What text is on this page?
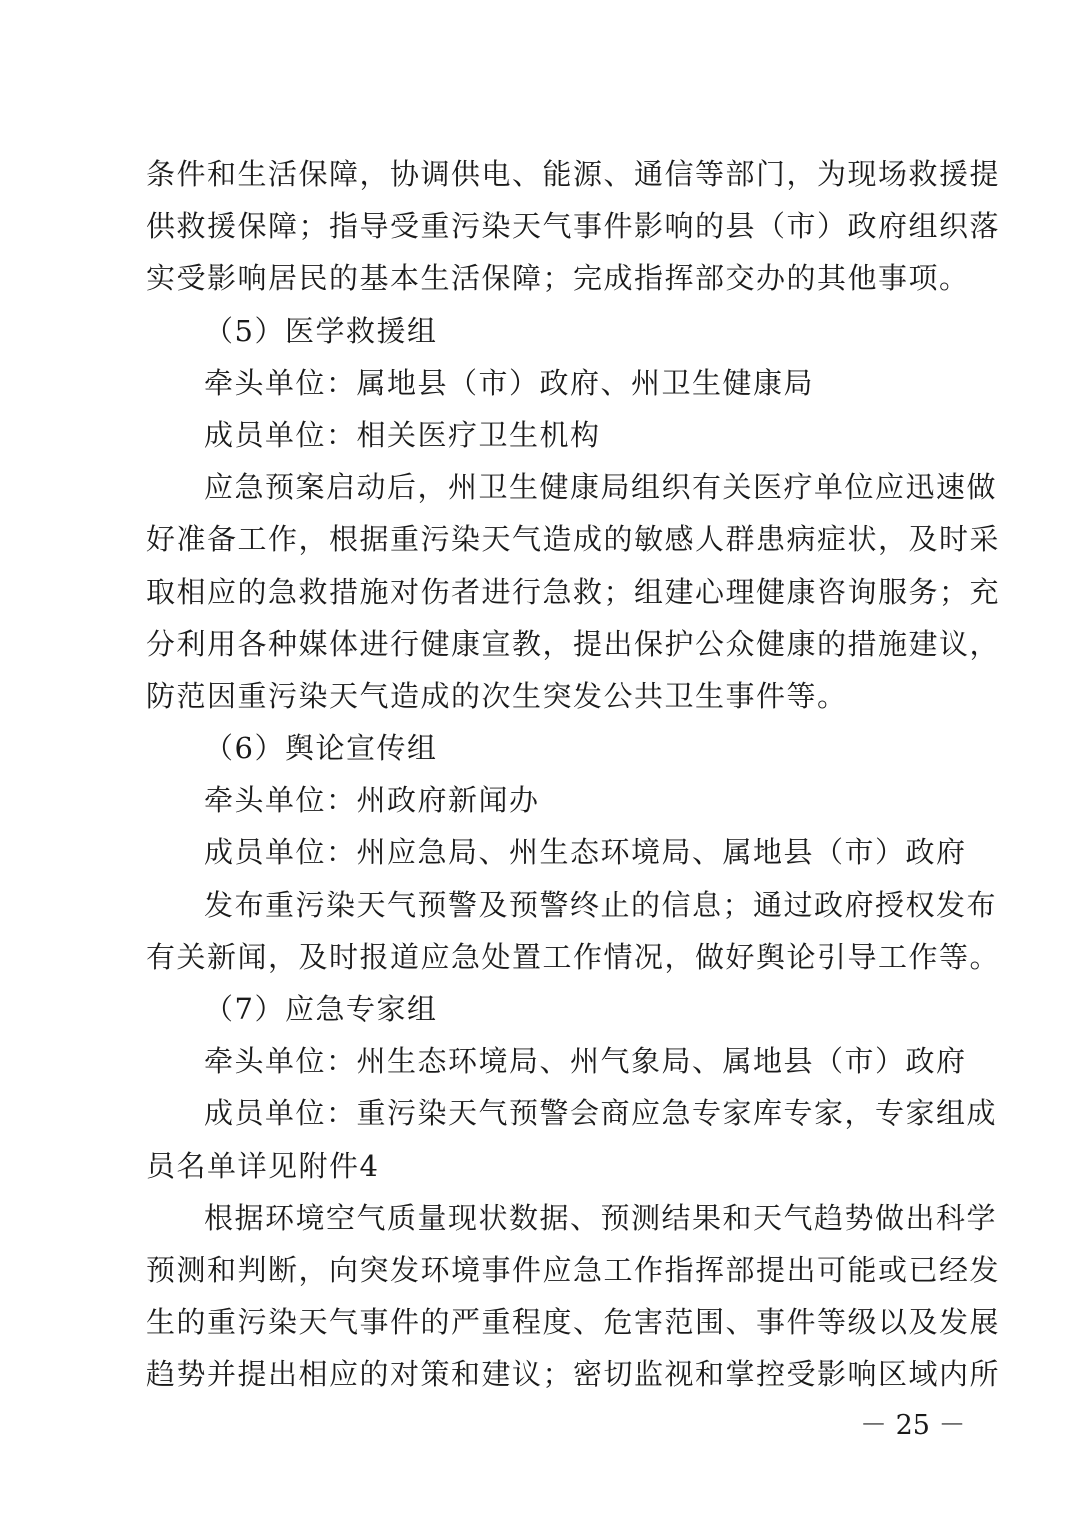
条件和生活保障，协调供电、能源、通信等部门，为现场救援提
供救援保障；指导受重污染天气事件影响的县（市）政府组织落
实受影响居民的基本生活保障；完成指挥部交办的其他事项。
（5）医学救援组
牵头单位：属地县（市）政府、州卫生健康局
成员单位：相关医疗卫生机构
应急预案启动后，州卫生健康局组织有关医疗单位应迅速做
好准备工作，根据重污染天气造成的敏感人群患病症状，及时采
取相应的急救措施对伤者进行急救；组建心理健康咨询服务；充
分利用各种媒体进行健康宣教，提出保护公众健康的措施建议，
防范因重污染天气造成的次生突发公共卫生事件等。
（6）舆论宣传组
牵头单位：州政府新闻办
成员单位：州应急局、州生态环境局、属地县（市）政府
发布重污染天气预警及预警终止的信息；通过政府授权发布
有关新闻，及时报道应急处置工作情况，做好舆论引导工作等。
（7）应急专家组
牵头单位：州生态环境局、州气象局、属地县（市）政府
成员单位：重污染天气预警会商应急专家库专家，专家组成
员名单详见附件4
根据环境空气质量现状数据、预测结果和天气趋势做出科学
预测和判断，向突发环境事件应急工作指挥部提出可能或已经发
生的重污染天气事件的严重程度、危害范围、事件等级以及发展
趋势并提出相应的对策和建议；密切监视和掌控受影响区域内所
－ 25 －
